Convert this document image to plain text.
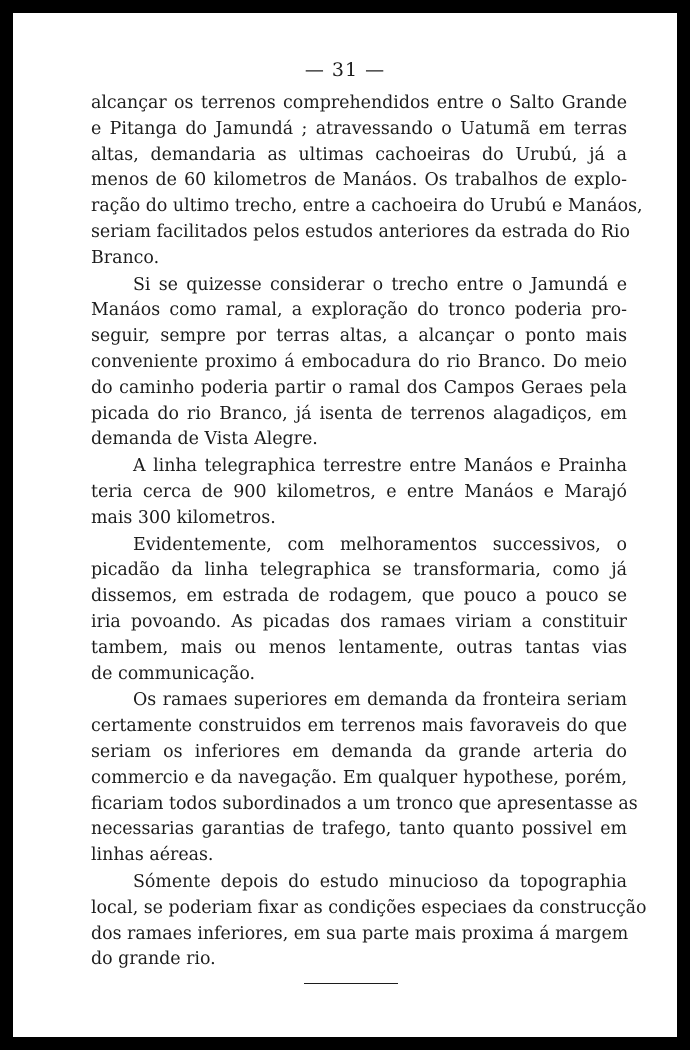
— 31 —

alcançar os terrenos comprehendidos entre o Salto Grande
e Pitanga do Jamundá ; atravessando o Uatumã em terras
altas, demandaria as ultimas cachoeiras do Urubú, já a
menos de 60 kilometros de Manáos. Os trabalhos de explo-
ração do ultimo trecho, entre a cachoeira do Urubú e Manáos,
seriam facilitados pelos estudos anteriores da estrada do Rio
Branco.

Si se quizesse considerar o trecho entre o Jamundá e
Manáos como ramal, a exploração do tronco poderia pro-
seguir, sempre por terras altas, a alcançar o ponto mais
conveniente proximo á embocadura do rio Branco. Do meio
do caminho poderia partir o ramal dos Campos Geraes pela
picada do rio Branco, já isenta de terrenos alagadiços, em
demanda de Vista Alegre.

A linha telegraphica terrestre entre Manáos e Prainha
teria cerca de 900 kilometros, e entre Manáos e Marajó
mais 300 kilometros.

Evidentemente, com melhoramentos successivos, o
picadão da linha telegraphica se transformaria, como já
dissemos, em estrada de rodagem, que pouco a pouco se
iria povoando. As picadas dos ramaes viriam a constituir
tambem, mais ou menos lentamente, outras tantas vias
de communicação.

Os ramaes superiores em demanda da fronteira seriam
certamente construidos em terrenos mais favoraveis do que
seriam os inferiores em demanda da grande arteria do
commercio e da navegação. Em qualquer hypothese, porém,
ficariam todos subordinados a um tronco que apresentasse as
necessarias garantias de trafego, tanto quanto possivel em
linhas aéreas.

Sómente depois do estudo minucioso da topographia
local, se poderiam fixar as condições especiaes da construcção
dos ramaes inferiores, em sua parte mais proxima á margem
do grande rio.
